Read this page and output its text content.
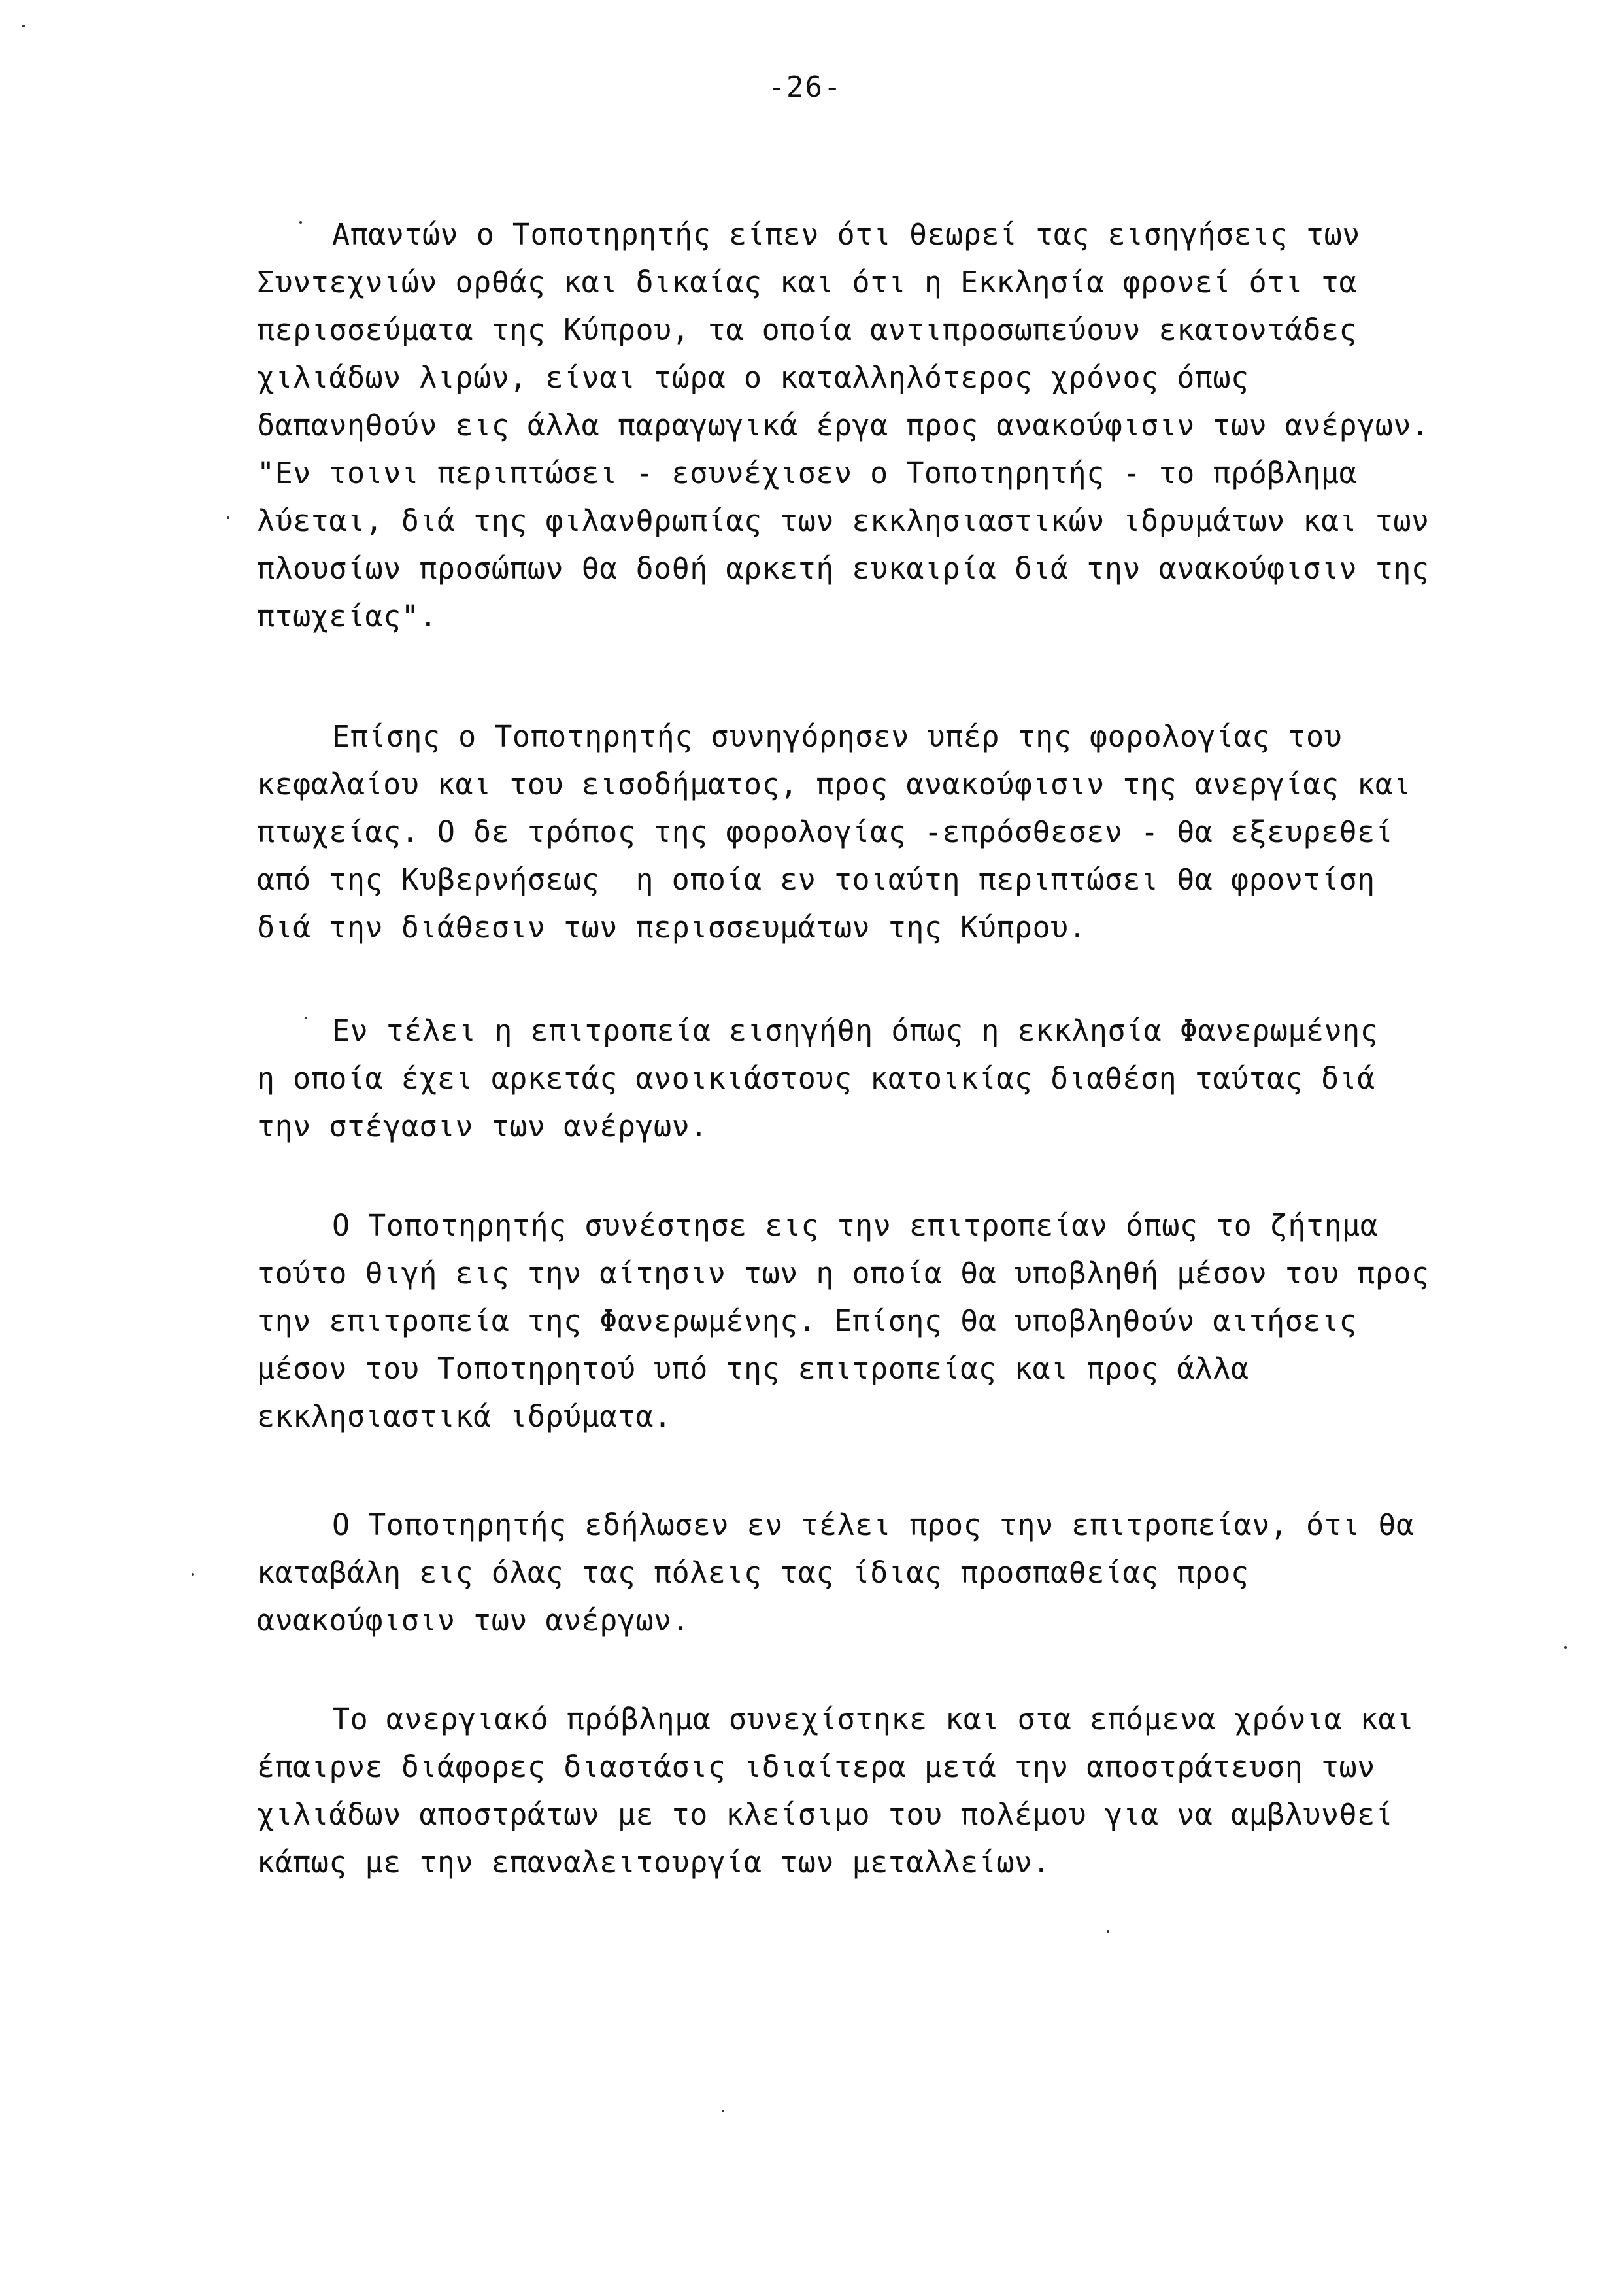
-26-
Απαντών ο Τοποτηρητής είπεν ότι θεωρεί τας εισηγήσεις των
Συντεχνιών ορθάς και δικαίας και ότι η Εκκλησία φρονεί ότι τα
περισσεύματα της Κύπρου, τα οποία αντιπροσωπεύουν εκατοντάδες
χιλιάδων λιρών, είναι τώρα ο καταλληλότερος χρόνος όπως
δαπανηθούν εις άλλα παραγωγικά έργα προς ανακούφισιν των ανέργων.
"Εν τοινι περιπτώσει - εσυνέχισεν ο Τοποτηρητής - το πρόβλημα
λύεται, διά της φιλανθρωπίας των εκκλησιαστικών ιδρυμάτων και των
πλουσίων προσώπων θα δοθή αρκετή ευκαιρία διά την ανακούφισιν της
πτωχείας".
Επίσης ο Τοποτηρητής συνηγόρησεν υπέρ της φορολογίας του
κεφαλαίου και του εισοδήματος, προς ανακούφισιν της ανεργίας και
πτωχείας. Ο δε τρόπος της φορολογίας -επρόσθεσεν - θα εξευρεθεί
από της Κυβερνήσεως  η οποία εν τοιαύτη περιπτώσει θα φροντίση
διά την διάθεσιν των περισσευμάτων της Κύπρου.
Εν τέλει η επιτροπεία εισηγήθη όπως η εκκλησία Φανερωμένης
η οποία έχει αρκετάς ανοικιάστους κατοικίας διαθέση ταύτας διά
την στέγασιν των ανέργων.
Ο Τοποτηρητής συνέστησε εις την επιτροπείαν όπως το ζήτημα
τούτο θιγή εις την αίτησιν των η οποία θα υποβληθή μέσον του προς
την επιτροπεία της Φανερωμένης. Επίσης θα υποβληθούν αιτήσεις
μέσον του Τοποτηρητού υπό της επιτροπείας και προς άλλα
εκκλησιαστικά ιδρύματα.
Ο Τοποτηρητής εδήλωσεν εν τέλει προς την επιτροπείαν, ότι θα
καταβάλη εις όλας τας πόλεις τας ίδιας προσπαθείας προς
ανακούφισιν των ανέργων.
Το ανεργιακό πρόβλημα συνεχίστηκε και στα επόμενα χρόνια και
έπαιρνε διάφορες διαστάσις ιδιαίτερα μετά την αποστράτευση των
χιλιάδων αποστράτων με το κλείσιμο του πολέμου για να αμβλυνθεί
κάπως με την επαναλειτουργία των μεταλλείων.
